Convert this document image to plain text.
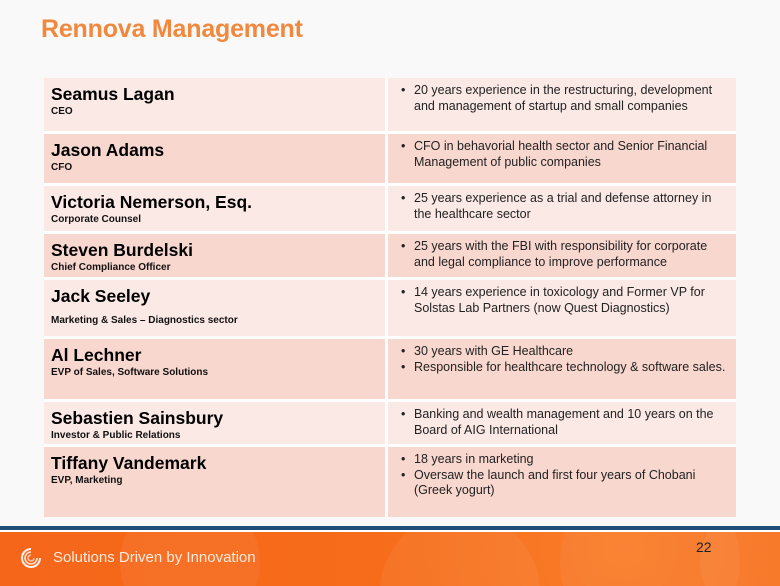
Rennova Management
Seamus Lagan
CEO
• 20 years experience in the restructuring, development and management of startup and small companies
Jason Adams
CFO
• CFO in behavorial health sector and Senior Financial Management of public companies
Victoria Nemerson, Esq.
Corporate Counsel
• 25 years experience as a trial and defense attorney in the healthcare sector
Steven Burdelski
Chief Compliance Officer
• 25 years with the FBI with responsibility for corporate and legal compliance to improve performance
Jack Seeley
Marketing & Sales – Diagnostics sector
• 14 years experience in toxicology and Former VP for Solstas Lab Partners (now Quest Diagnostics)
Al Lechner
EVP of Sales, Software Solutions
• 30 years with GE Healthcare
• Responsible for healthcare technology & software sales.
Sebastien Sainsbury
Investor & Public Relations
• Banking and wealth management and 10 years on the Board of AIG International
Tiffany Vandemark
EVP, Marketing
• 18 years in marketing
• Oversaw the launch and first four years of Chobani (Greek yogurt)
Solutions Driven by Innovation
22
